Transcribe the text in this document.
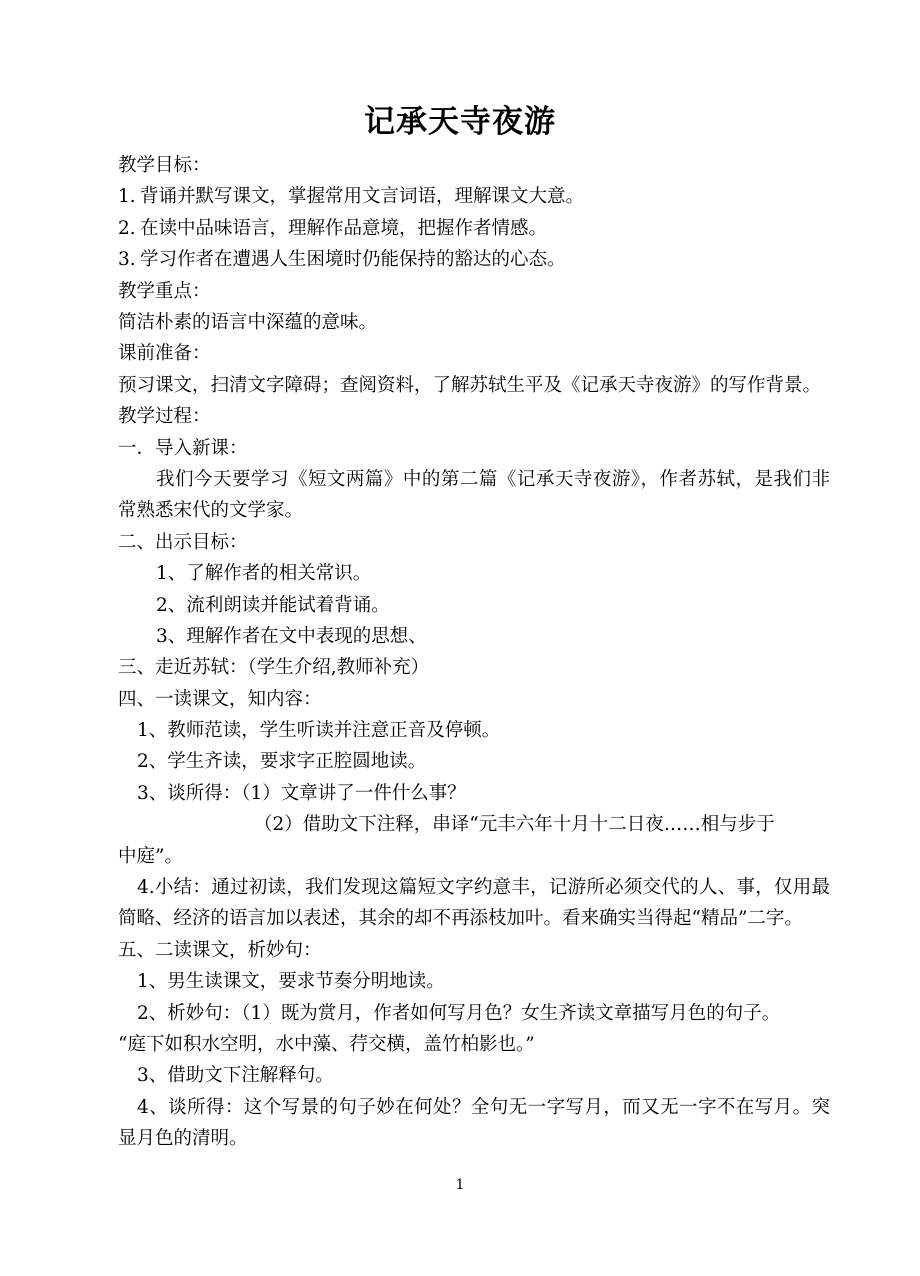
记承天寺夜游

教学目标：

1. 背诵并默写课文，掌握常用文言词语，理解课文大意。

2. 在读中品味语言，理解作品意境，把握作者情感。

3. 学习作者在遭遇人生困境时仍能保持的豁达的心态。

教学重点：

简洁朴素的语言中深蕴的意味。

课前准备：

预习课文，扫清文字障碍；查阅资料，了解苏轼生平及《记承天寺夜游》的写作背景。

教学过程：

一．导入新课：

我们今天要学习《短文两篇》中的第二篇《记承天寺夜游》，作者苏轼，是我们非常熟悉宋代的文学家。

二、出示目标：

1、了解作者的相关常识。

2、流利朗读并能试着背诵。

3、理解作者在文中表现的思想、

三、走近苏轼：（学生介绍,教师补充）

四、一读课文，知内容：

1、教师范读，学生听读并注意正音及停顿。

2、学生齐读，要求字正腔圆地读。

3、谈所得：（1）文章讲了一件什么事？

（2）借助文下注释，串译“元丰六年十月十二日夜……相与步于

中庭”。

4.小结：通过初读，我们发现这篇短文字约意丰，记游所必须交代的人、事，仅用最简略、经济的语言加以表述，其余的却不再添枝加叶。看来确实当得起“精品”二字。

五、二读课文，析妙句：

1、男生读课文，要求节奏分明地读。

2、析妙句：（1）既为赏月，作者如何写月色？女生齐读文章描写月色的句子。

“庭下如积水空明，水中藻、荇交横，盖竹柏影也。”

3、借助文下注解释句。

4、谈所得：这个写景的句子妙在何处？全句无一字写月，而又无一字不在写月。突显月色的清明。

1
